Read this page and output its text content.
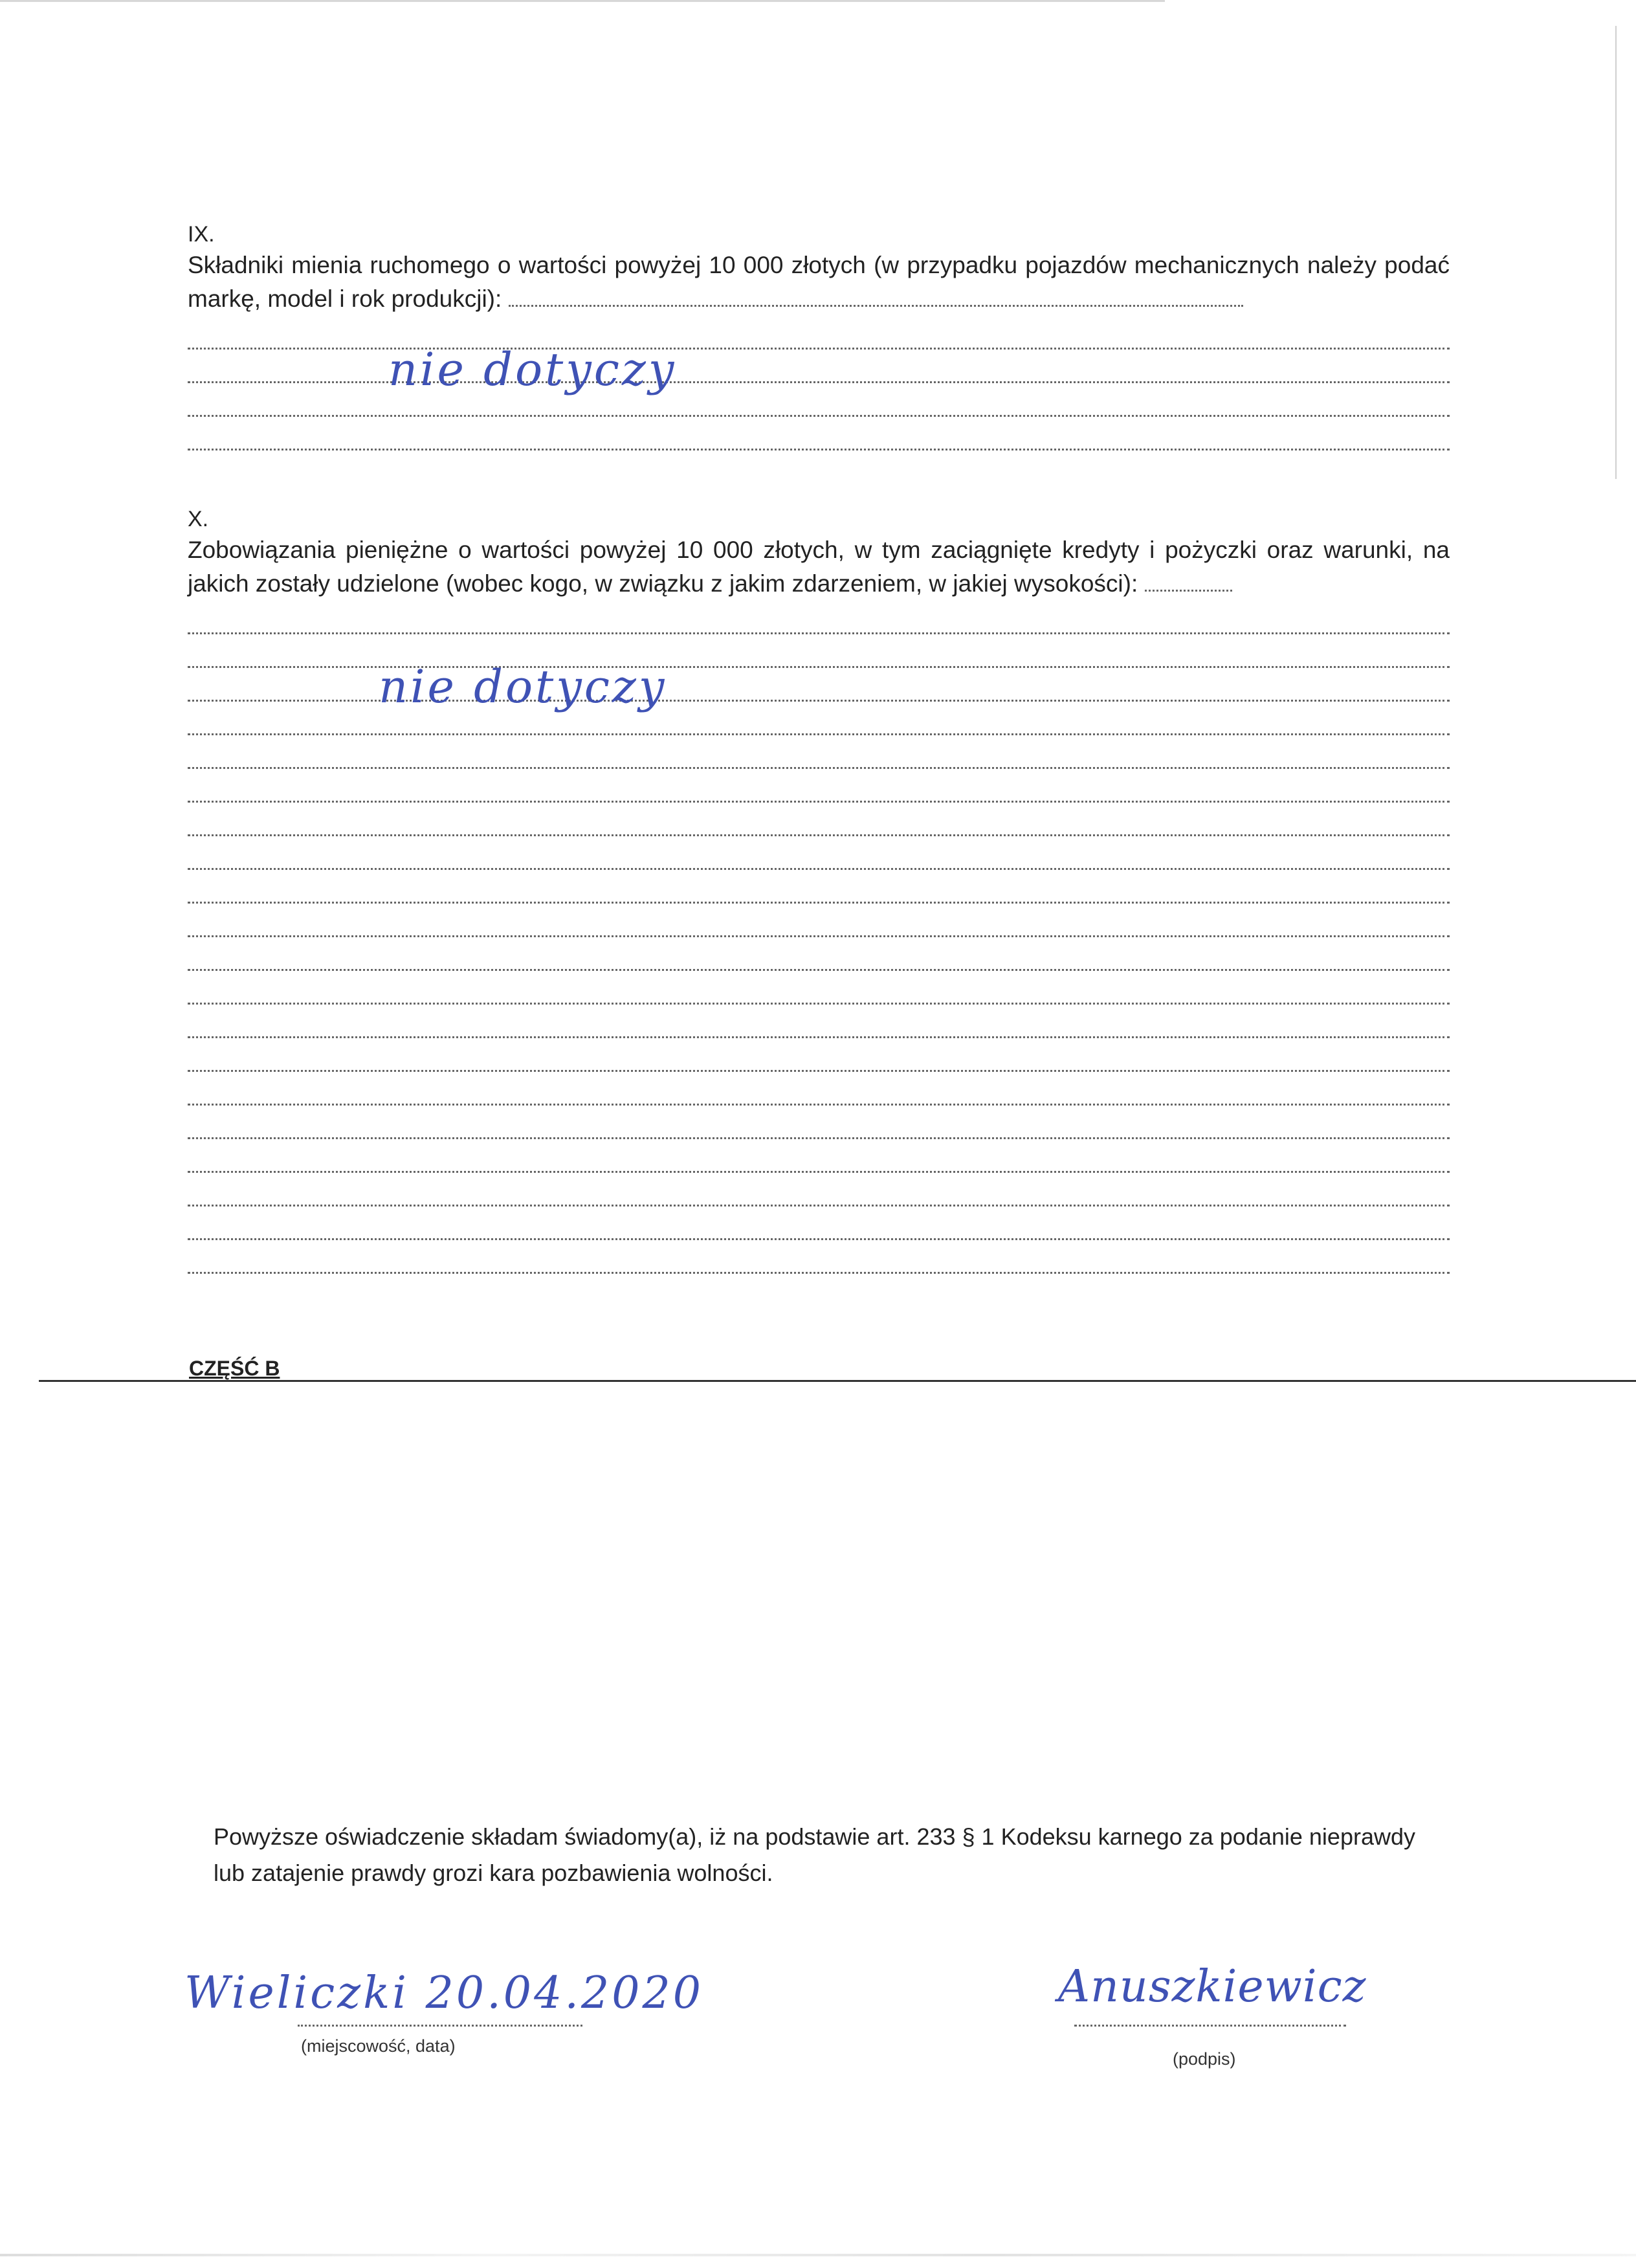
IX.

Składniki mienia ruchomego o wartości powyżej 10 000 złotych (w przypadku pojazdów mechanicznych należy podać markę, model i rok produkcji):

nie dotyczy
X.

Zobowiązania pieniężne o wartości powyżej 10 000 złotych, w tym zaciągnięte kredyty i pożyczki oraz warunki, na jakich zostały udzielone (wobec kogo, w związku z jakim zdarzeniem, w jakiej wysokości):

nie dotyczy
CZĘŚĆ B

Powyższe oświadczenie składam świadomy(a), iż na podstawie art. 233 § 1 Kodeksu karnego za podanie nieprawdy lub zatajenie prawdy grozi kara pozbawienia wolności.

Wieliczki 20.04.2020
(miejscowość, data)
Anuszkiewicz
(podpis)
